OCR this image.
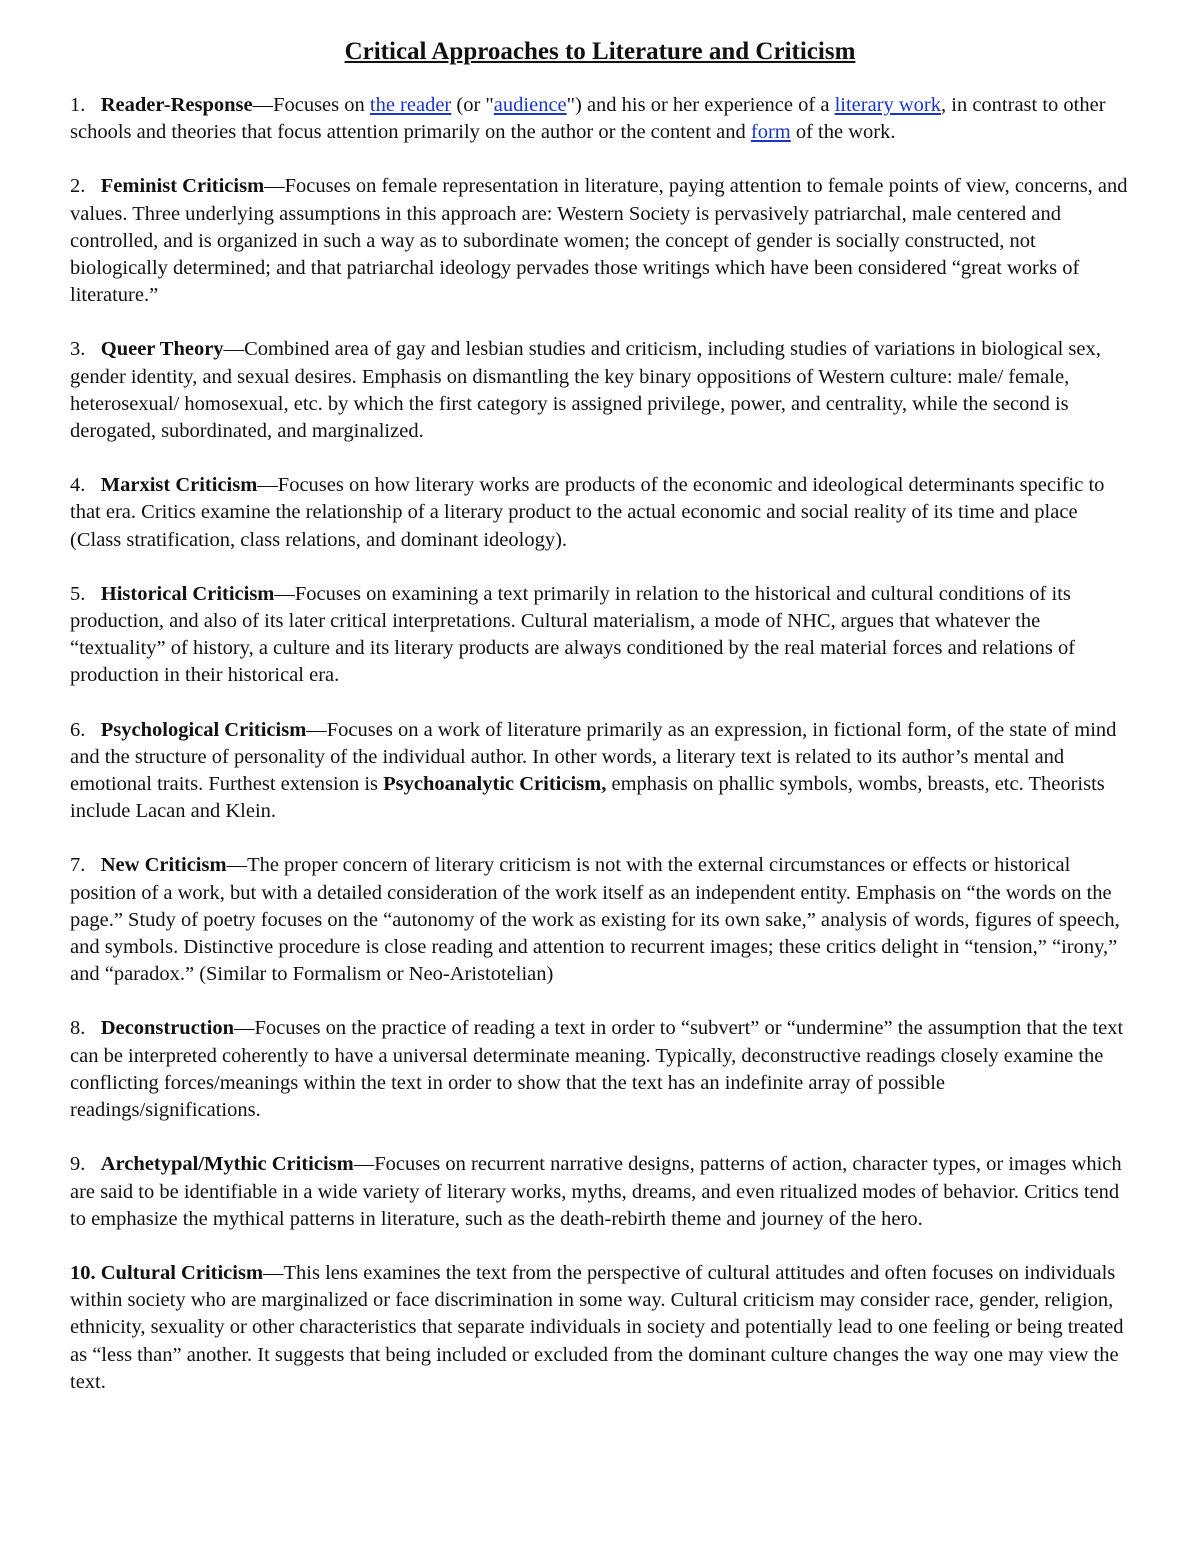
Critical Approaches to Literature and Criticism

1. Reader-Response—Focuses on the reader (or "audience") and his or her experience of a literary work, in contrast to other schools and theories that focus attention primarily on the author or the content and form of the work.

2. Feminist Criticism—Focuses on female representation in literature, paying attention to female points of view, concerns, and values. Three underlying assumptions in this approach are: Western Society is pervasively patriarchal, male centered and controlled, and is organized in such a way as to subordinate women; the concept of gender is socially constructed, not biologically determined; and that patriarchal ideology pervades those writings which have been considered “great works of literature.”

3. Queer Theory—Combined area of gay and lesbian studies and criticism, including studies of variations in biological sex, gender identity, and sexual desires. Emphasis on dismantling the key binary oppositions of Western culture: male/ female, heterosexual/ homosexual, etc. by which the first category is assigned privilege, power, and centrality, while the second is derogated, subordinated, and marginalized.

4. Marxist Criticism—Focuses on how literary works are products of the economic and ideological determinants specific to that era. Critics examine the relationship of a literary product to the actual economic and social reality of its time and place (Class stratification, class relations, and dominant ideology).

5. Historical Criticism—Focuses on examining a text primarily in relation to the historical and cultural conditions of its production, and also of its later critical interpretations. Cultural materialism, a mode of NHC, argues that whatever the “textuality” of history, a culture and its literary products are always conditioned by the real material forces and relations of production in their historical era.

6. Psychological Criticism—Focuses on a work of literature primarily as an expression, in fictional form, of the state of mind and the structure of personality of the individual author. In other words, a literary text is related to its author’s mental and emotional traits. Furthest extension is Psychoanalytic Criticism, emphasis on phallic symbols, wombs, breasts, etc. Theorists include Lacan and Klein.

7. New Criticism—The proper concern of literary criticism is not with the external circumstances or effects or historical position of a work, but with a detailed consideration of the work itself as an independent entity. Emphasis on “the words on the page.” Study of poetry focuses on the “autonomy of the work as existing for its own sake,” analysis of words, figures of speech, and symbols. Distinctive procedure is close reading and attention to recurrent images; these critics delight in “tension,” “irony,” and “paradox.” (Similar to Formalism or Neo-Aristotelian)

8. Deconstruction—Focuses on the practice of reading a text in order to “subvert” or “undermine” the assumption that the text can be interpreted coherently to have a universal determinate meaning. Typically, deconstructive readings closely examine the conflicting forces/meanings within the text in order to show that the text has an indefinite array of possible readings/significations.

9. Archetypal/Mythic Criticism—Focuses on recurrent narrative designs, patterns of action, character types, or images which are said to be identifiable in a wide variety of literary works, myths, dreams, and even ritualized modes of behavior. Critics tend to emphasize the mythical patterns in literature, such as the death-rebirth theme and journey of the hero.

10. Cultural Criticism—This lens examines the text from the perspective of cultural attitudes and often focuses on individuals within society who are marginalized or face discrimination in some way. Cultural criticism may consider race, gender, religion, ethnicity, sexuality or other characteristics that separate individuals in society and potentially lead to one feeling or being treated as “less than” another. It suggests that being included or excluded from the dominant culture changes the way one may view the text.
